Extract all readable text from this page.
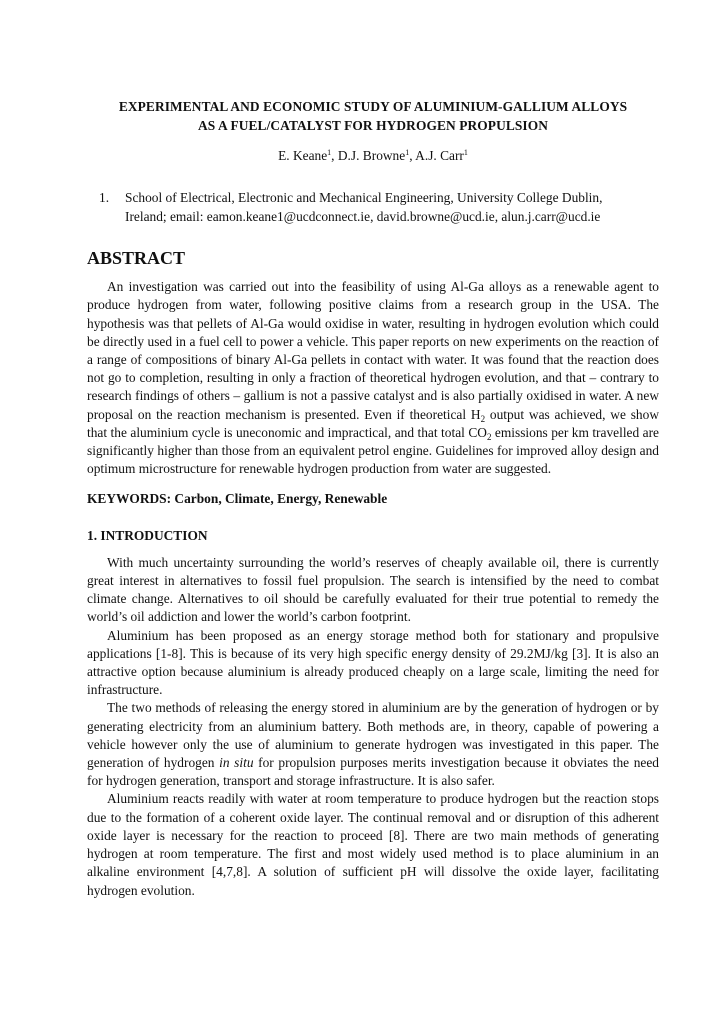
EXPERIMENTAL AND ECONOMIC STUDY OF ALUMINIUM-GALLIUM ALLOYS
AS A FUEL/CATALYST FOR HYDROGEN PROPULSION
E. Keane$^1$, D.J. Browne$^1$, A.J. Carr$^1$
1.	School of Electrical, Electronic and Mechanical Engineering, University College Dublin,
Ireland; email: eamon.keane1@ucdconnect.ie, david.browne@ucd.ie, alun.j.carr@ucd.ie
ABSTRACT

An investigation was carried out into the feasibility of using Al-Ga alloys as a renewable agent to produce hydrogen from water, following positive claims from a research group in the USA. The hypothesis was that pellets of Al-Ga would oxidise in water, resulting in hydrogen evolution which could be directly used in a fuel cell to power a vehicle. This paper reports on new experiments on the reaction of a range of compositions of binary Al-Ga pellets in contact with water. It was found that the reaction does not go to completion, resulting in only a fraction of theoretical hydrogen evolution, and that – contrary to research findings of others – gallium is not a passive catalyst and is also partially oxidised in water. A new proposal on the reaction mechanism is presented. Even if theoretical $H_2$ output was achieved, we show that the aluminium cycle is uneconomic and impractical, and that total $CO_2$ emissions per km travelled are significantly higher than those from an equivalent petrol engine. Guidelines for improved alloy design and optimum microstructure for renewable hydrogen production from water are suggested.

KEYWORDS: Carbon, Climate, Energy, Renewable
1. INTRODUCTION

With much uncertainty surrounding the world’s reserves of cheaply available oil, there is currently great interest in alternatives to fossil fuel propulsion. The search is intensified by the need to combat climate change. Alternatives to oil should be carefully evaluated for their true potential to remedy the world’s oil addiction and lower the world’s carbon footprint.

Aluminium has been proposed as an energy storage method both for stationary and propulsive applications [1-8]. This is because of its very high specific energy density of 29.2MJ/kg [3]. It is also an attractive option because aluminium is already produced cheaply on a large scale, limiting the need for infrastructure.

The two methods of releasing the energy stored in aluminium are by the generation of hydrogen or by generating electricity from an aluminium battery. Both methods are, in theory, capable of powering a vehicle however only the use of aluminium to generate hydrogen was investigated in this paper. The generation of hydrogen in situ for propulsion purposes merits investigation because it obviates the need for hydrogen generation, transport and storage infrastructure. It is also safer.

Aluminium reacts readily with water at room temperature to produce hydrogen but the reaction stops due to the formation of a coherent oxide layer. The continual removal and or disruption of this adherent oxide layer is necessary for the reaction to proceed [8]. There are two main methods of generating hydrogen at room temperature. The first and most widely used method is to place aluminium in an alkaline environment [4,7,8]. A solution of sufficient pH will dissolve the oxide layer, facilitating hydrogen evolution.
